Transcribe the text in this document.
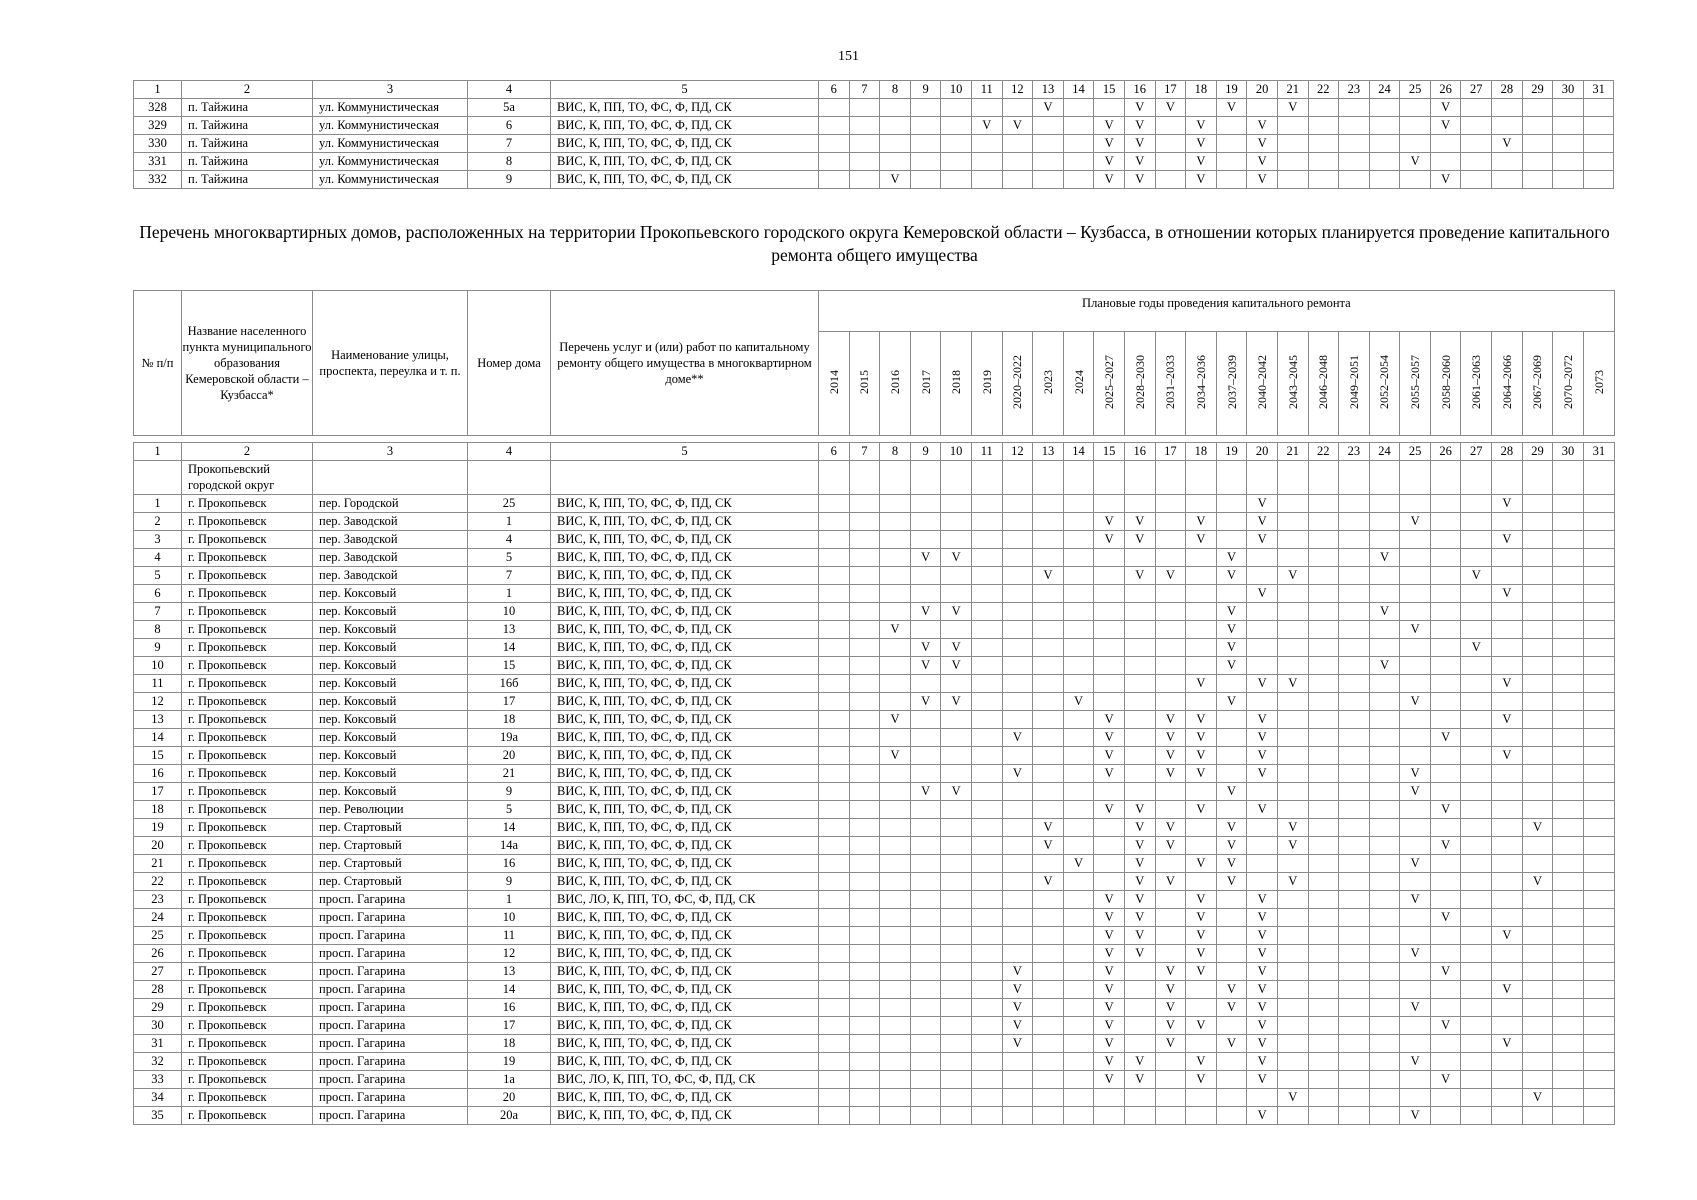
151
1	2	3	4	5	6	7	8	9	10	11	12	13	14	15	16	17	18	19	20	21	22	23	24	25	26	27	28	29	30	31
328	п. Тайжина	ул. Коммунистическая	5а	ВИС, К, ПП, ТО, ФС, Ф, ПД, СК								V			V	V		V		V					V					
329	п. Тайжина	ул. Коммунистическая	6	ВИС, К, ПП, ТО, ФС, Ф, ПД, СК						V	V			V	V		V		V						V					
330	п. Тайжина	ул. Коммунистическая	7	ВИС, К, ПП, ТО, ФС, Ф, ПД, СК										V	V		V		V								V			
331	п. Тайжина	ул. Коммунистическая	8	ВИС, К, ПП, ТО, ФС, Ф, ПД, СК										V	V		V		V					V						
332	п. Тайжина	ул. Коммунистическая	9	ВИС, К, ПП, ТО, ФС, Ф, ПД, СК			V							V	V		V		V						V					
Перечень многоквартирных домов, расположенных на территории Прокопьевского городского округа Кемеровской области – Кузбасса, в отношении которых планируется проведение капитального ремонта общего имущества
№ п/п	Название населенного пункта муниципального образования Кемеровской области – Кузбасса*	Наименование улицы, проспекта, переулка и т. п.	Номер дома	Перечень услуг и (или) работ по капитальному ремонту общего имущества в многоквартирном доме**	Плановые годы проведения капитального ремонта																									
					2014	2015	2016	2017	2018	2019	2020–2022	2023	2024	2025–2027	2028–2030	2031–2033	2034–2036	2037–2039	2040–2042	2043–2045	2046–2048	2049–2051	2052–2054	2055–2057	2058–2060	2061–2063	2064–2066	2067–2069	2070–2072	2073

1	2	3	4	5	6	7	8	9	10	11	12	13	14	15	16	17	18	19	20	21	22	23	24	25	26	27	28	29	30	31
	Прокопьевский городской округ																													
1	г. Прокопьевск	пер. Городской	25	ВИС, К, ПП, ТО, ФС, Ф, ПД, СК															V								V			
2	г. Прокопьевск	пер. Заводской	1	ВИС, К, ПП, ТО, ФС, Ф, ПД, СК										V	V		V		V					V						
3	г. Прокопьевск	пер. Заводской	4	ВИС, К, ПП, ТО, ФС, Ф, ПД, СК										V	V		V		V								V			
4	г. Прокопьевск	пер. Заводской	5	ВИС, К, ПП, ТО, ФС, Ф, ПД, СК				V	V									V					V							
5	г. Прокопьевск	пер. Заводской	7	ВИС, К, ПП, ТО, ФС, Ф, ПД, СК								V			V	V		V		V						V				
6	г. Прокопьевск	пер. Коксовый	1	ВИС, К, ПП, ТО, ФС, Ф, ПД, СК															V								V			
7	г. Прокопьевск	пер. Коксовый	10	ВИС, К, ПП, ТО, ФС, Ф, ПД, СК				V	V									V					V							
8	г. Прокопьевск	пер. Коксовый	13	ВИС, К, ПП, ТО, ФС, Ф, ПД, СК			V											V						V						
9	г. Прокопьевск	пер. Коксовый	14	ВИС, К, ПП, ТО, ФС, Ф, ПД, СК				V	V									V								V				
10	г. Прокопьевск	пер. Коксовый	15	ВИС, К, ПП, ТО, ФС, Ф, ПД, СК				V	V									V					V							
11	г. Прокопьевск	пер. Коксовый	16б	ВИС, К, ПП, ТО, ФС, Ф, ПД, СК													V		V	V							V			
12	г. Прокопьевск	пер. Коксовый	17	ВИС, К, ПП, ТО, ФС, Ф, ПД, СК				V	V				V					V						V						
13	г. Прокопьевск	пер. Коксовый	18	ВИС, К, ПП, ТО, ФС, Ф, ПД, СК			V							V		V	V		V								V			
14	г. Прокопьевск	пер. Коксовый	19а	ВИС, К, ПП, ТО, ФС, Ф, ПД, СК							V			V		V	V		V						V					
15	г. Прокопьевск	пер. Коксовый	20	ВИС, К, ПП, ТО, ФС, Ф, ПД, СК			V							V		V	V		V								V			
16	г. Прокопьевск	пер. Коксовый	21	ВИС, К, ПП, ТО, ФС, Ф, ПД, СК							V			V		V	V		V					V						
17	г. Прокопьевск	пер. Коксовый	9	ВИС, К, ПП, ТО, ФС, Ф, ПД, СК				V	V									V						V						
18	г. Прокопьевск	пер. Революции	5	ВИС, К, ПП, ТО, ФС, Ф, ПД, СК										V	V		V		V						V					
19	г. Прокопьевск	пер. Стартовый	14	ВИС, К, ПП, ТО, ФС, Ф, ПД, СК								V			V	V		V		V								V		
20	г. Прокопьевск	пер. Стартовый	14а	ВИС, К, ПП, ТО, ФС, Ф, ПД, СК								V			V	V		V		V					V					
21	г. Прокопьевск	пер. Стартовый	16	ВИС, К, ПП, ТО, ФС, Ф, ПД, СК									V		V		V	V						V						
22	г. Прокопьевск	пер. Стартовый	9	ВИС, К, ПП, ТО, ФС, Ф, ПД, СК								V			V	V		V		V								V		
23	г. Прокопьевск	просп. Гагарина	1	ВИС, ЛО, К, ПП, ТО, ФС, Ф, ПД, СК										V	V		V		V					V						
24	г. Прокопьевск	просп. Гагарина	10	ВИС, К, ПП, ТО, ФС, Ф, ПД, СК										V	V		V		V						V					
25	г. Прокопьевск	просп. Гагарина	11	ВИС, К, ПП, ТО, ФС, Ф, ПД, СК										V	V		V		V								V			
26	г. Прокопьевск	просп. Гагарина	12	ВИС, К, ПП, ТО, ФС, Ф, ПД, СК										V	V		V		V					V						
27	г. Прокопьевск	просп. Гагарина	13	ВИС, К, ПП, ТО, ФС, Ф, ПД, СК							V			V		V	V		V						V					
28	г. Прокопьевск	просп. Гагарина	14	ВИС, К, ПП, ТО, ФС, Ф, ПД, СК							V			V		V		V	V								V			
29	г. Прокопьевск	просп. Гагарина	16	ВИС, К, ПП, ТО, ФС, Ф, ПД, СК							V			V		V		V	V					V						
30	г. Прокопьевск	просп. Гагарина	17	ВИС, К, ПП, ТО, ФС, Ф, ПД, СК							V			V		V	V		V						V					
31	г. Прокопьевск	просп. Гагарина	18	ВИС, К, ПП, ТО, ФС, Ф, ПД, СК							V			V		V		V	V								V			
32	г. Прокопьевск	просп. Гагарина	19	ВИС, К, ПП, ТО, ФС, Ф, ПД, СК										V	V		V		V					V						
33	г. Прокопьевск	просп. Гагарина	1а	ВИС, ЛО, К, ПП, ТО, ФС, Ф, ПД, СК										V	V		V		V						V					
34	г. Прокопьевск	просп. Гагарина	20	ВИС, К, ПП, ТО, ФС, Ф, ПД, СК																V								V		
35	г. Прокопьевск	просп. Гагарина	20а	ВИС, К, ПП, ТО, ФС, Ф, ПД, СК															V					V						
